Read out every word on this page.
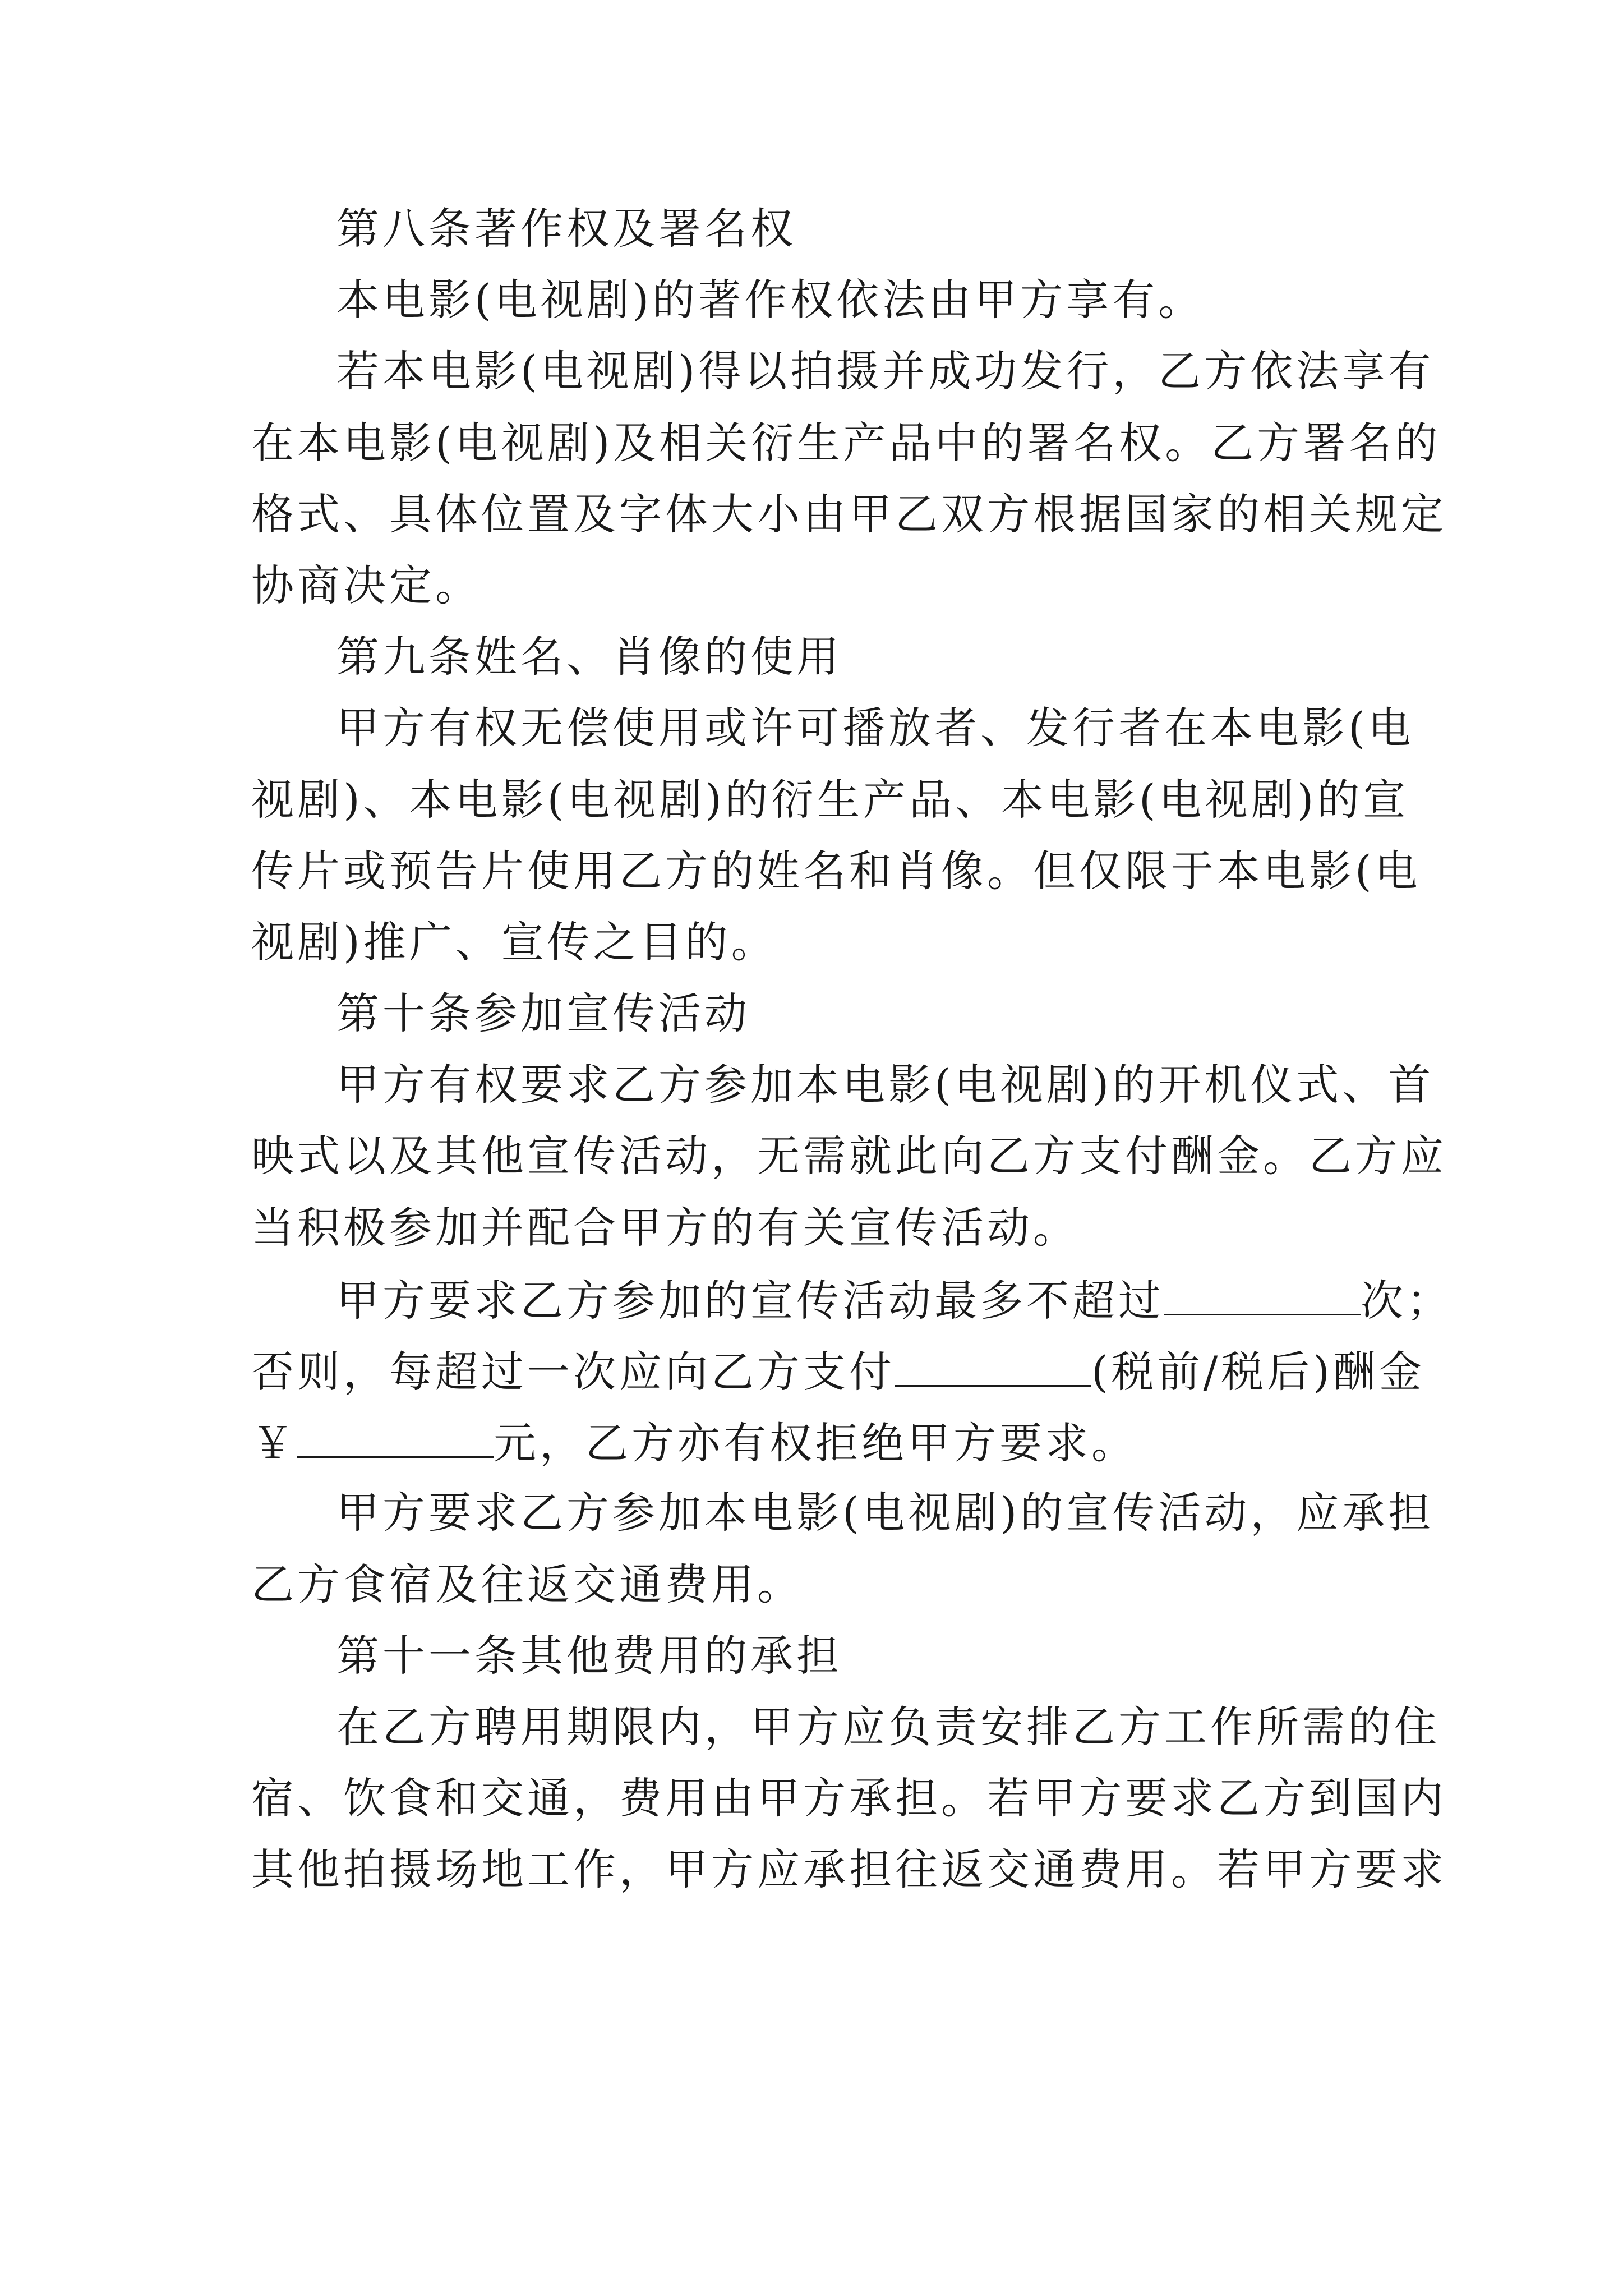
第八条著作权及署名权
本电影(电视剧)的著作权依法由甲方享有。
若本电影(电视剧)得以拍摄并成功发行，乙方依法享有
在本电影(电视剧)及相关衍生产品中的署名权。乙方署名的
格式、具体位置及字体大小由甲乙双方根据国家的相关规定
协商决定。
第九条姓名、肖像的使用
甲方有权无偿使用或许可播放者、发行者在本电影(电
视剧)、本电影(电视剧)的衍生产品、本电影(电视剧)的宣
传片或预告片使用乙方的姓名和肖像。但仅限于本电影(电
视剧)推广、宣传之目的。
第十条参加宣传活动
甲方有权要求乙方参加本电影(电视剧)的开机仪式、首
映式以及其他宣传活动，无需就此向乙方支付酬金。乙方应
当积极参加并配合甲方的有关宣传活动。
甲方要求乙方参加的宣传活动最多不超过	次；
否则，每超过一次应向乙方支付	(税前/税后)酬金
￥	元，乙方亦有权拒绝甲方要求。
甲方要求乙方参加本电影(电视剧)的宣传活动，应承担
乙方食宿及往返交通费用。
第十一条其他费用的承担
在乙方聘用期限内，甲方应负责安排乙方工作所需的住
宿、饮食和交通，费用由甲方承担。若甲方要求乙方到国内
其他拍摄场地工作，甲方应承担往返交通费用。若甲方要求
